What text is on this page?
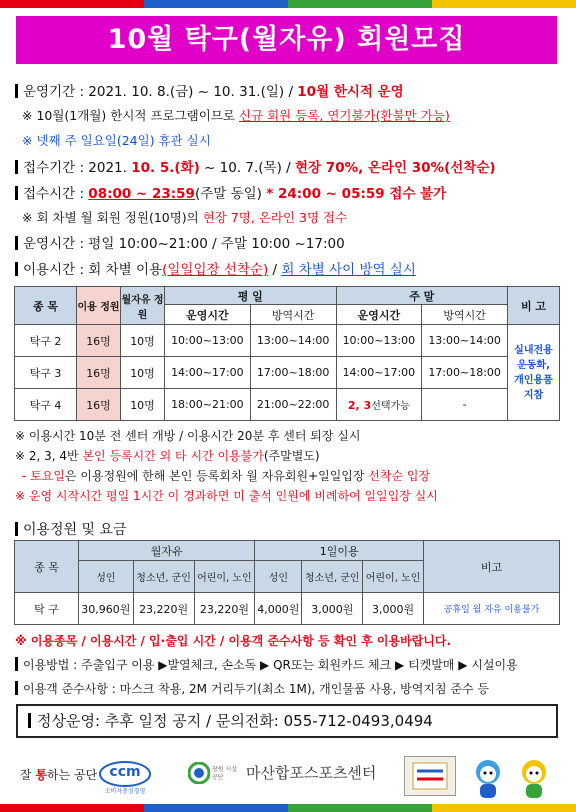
10월 탁구(월자유) 회원모집
운영기간 : 2021. 10. 8.(금) ~ 10. 31.(일) / 10월 한시적 운영
※ 10월(1개월) 한시적 프로그램이므로 신규 회원 등록, 연기불가(환불만 가능)
※ 넷째 주 일요일(24일) 휴관 실시
접수기간 : 2021. 10. 5.(화) ~ 10. 7.(목) / 현장 70%, 온라인 30%(선착순)
접수시간 : 08:00 ~ 23:59(주말 동일) * 24:00 ~ 05:59 접수 불가
※ 회 차별 월 회원 정원(10명)의 현장 7명, 온라인 3명 접수
운영시간 : 평일 10:00~21:00 / 주말 10:00 ~17:00
이용시간 : 회 차별 이용(일일입장 선착순) / 회 차별 사이 방역 실시
종 목	이용 정원	월자유 정원	평 일		주 말		비 고
			운영시간	방역시간	운영시간	방역시간	
탁구 2	16명	10명	10:00~13:00	13:00~14:00	10:00~13:00	13:00~14:00	실내전용
운동화,
개인용품
지참

탁구 3	16명	10명	14:00~17:00	17:00~18:00	14:00~17:00	17:00~18:00	
탁구 4	16명	10명	18:00~21:00	21:00~22:00	2, 3선택가능	-	
※ 이용시간 10분 전 센터 개방 / 이용시간 20분 후 센터 퇴장 실시
※ 2, 3, 4반 본인 등록시간 외 타 시간 이용불가(주말별도)
- 토요일은 이용정원에 한해 본인 등록회차 월 자유회원+일일입장 선착순 입장
※ 운영 시작시간 평일 1시간 이 경과하면 미 출석 인원에 비례하여 일일입장 실시
이용정원 및 요금
종 목	월자유			1일이용			비고
	성인	청소년, 군인	어린이, 노인	성인	청소년, 군인	어린이, 노인	
탁 구	30,960원	23,220원	23,220원	4,000원	3,000원	3,000원	공휴일 월 자유 이용불가
※ 이용종목 / 이용시간 / 입·출입 시간 / 이용객 준수사항 등 확인 후 이용바랍니다.
이용방법 : 주출입구 이용 ▶발열체크, 손소독 ▶ QR또는 회원카드 체크 ▶ 티켓발매 ▶ 시설이용
이용객 준수사항 : 마스크 착용, 2M 거리두기(최소 1M), 개인물품 사용, 방역지침 준수 등
정상운영: 추후 일정 공지 / 문의전화: 055-712-0493,0494
잘 통하는 공단 ccm
소비자중심경영
창원 시설공단	마산합포스포츠센터
